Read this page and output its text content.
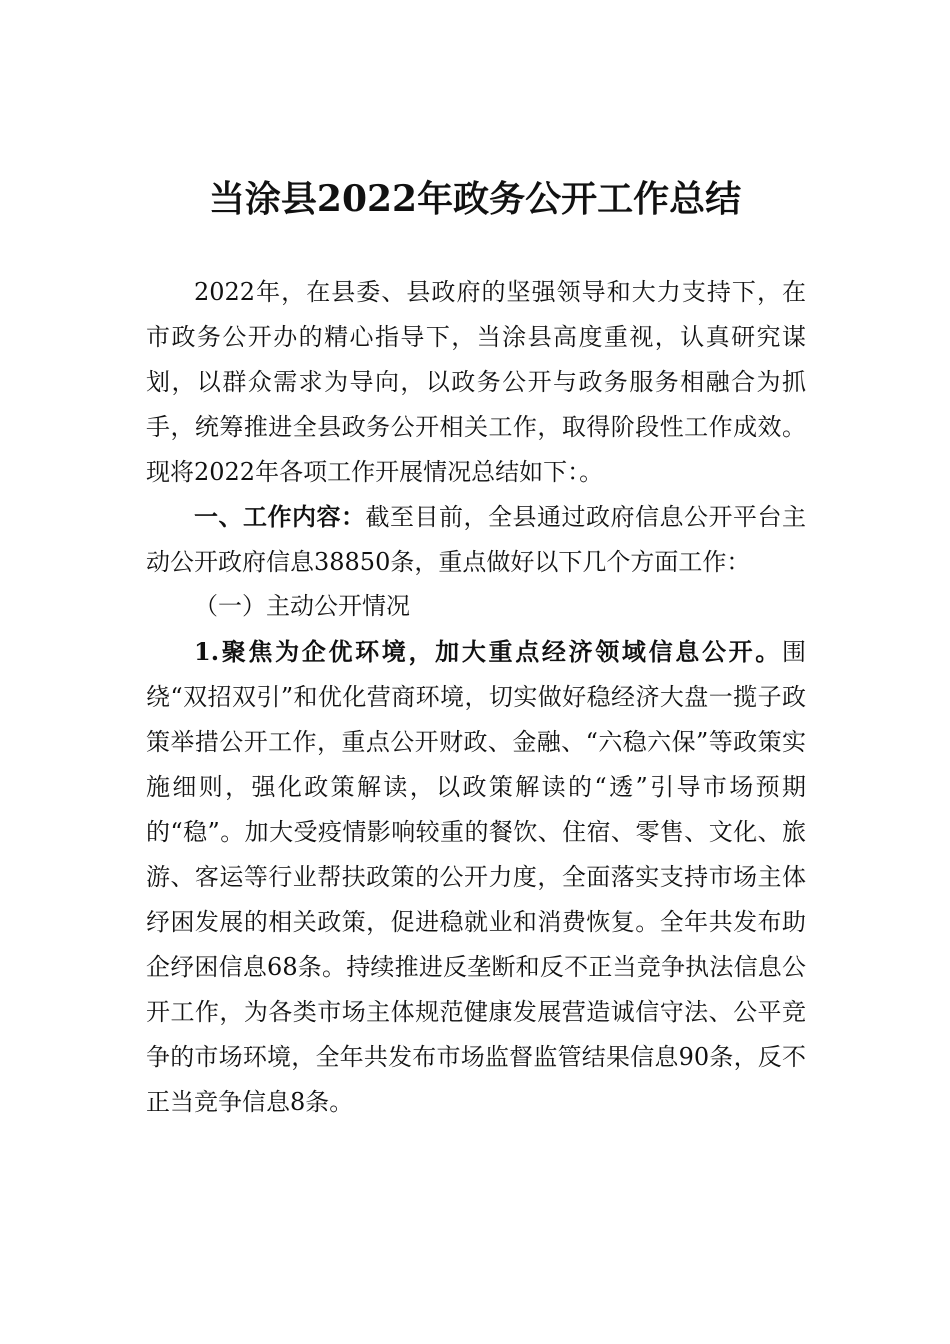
当涂县2022年政务公开工作总结

2022年，在县委、县政府的坚强领导和大力支持下，在市政务公开办的精心指导下，当涂县高度重视，认真研究谋划，以群众需求为导向，以政务公开与政务服务相融合为抓手，统筹推进全县政务公开相关工作，取得阶段性工作成效。现将2022年各项工作开展情况总结如下：。

一、工作内容：截至目前，全县通过政府信息公开平台主动公开政府信息38850条，重点做好以下几个方面工作：

（一）主动公开情况

1.聚焦为企优环境，加大重点经济领域信息公开。围绕“双招双引”和优化营商环境，切实做好稳经济大盘一揽子政策举措公开工作，重点公开财政、金融、“六稳六保”等政策实施细则，强化政策解读，以政策解读的“透”引导市场预期的“稳”。加大受疫情影响较重的餐饮、住宿、零售、文化、旅游、客运等行业帮扶政策的公开力度，全面落实支持市场主体纾困发展的相关政策，促进稳就业和消费恢复。全年共发布助企纾困信息68条。持续推进反垄断和反不正当竞争执法信息公开工作，为各类市场主体规范健康发展营造诚信守法、公平竞争的市场环境，全年共发布市场监督监管结果信息90条，反不正当竞争信息8条。
